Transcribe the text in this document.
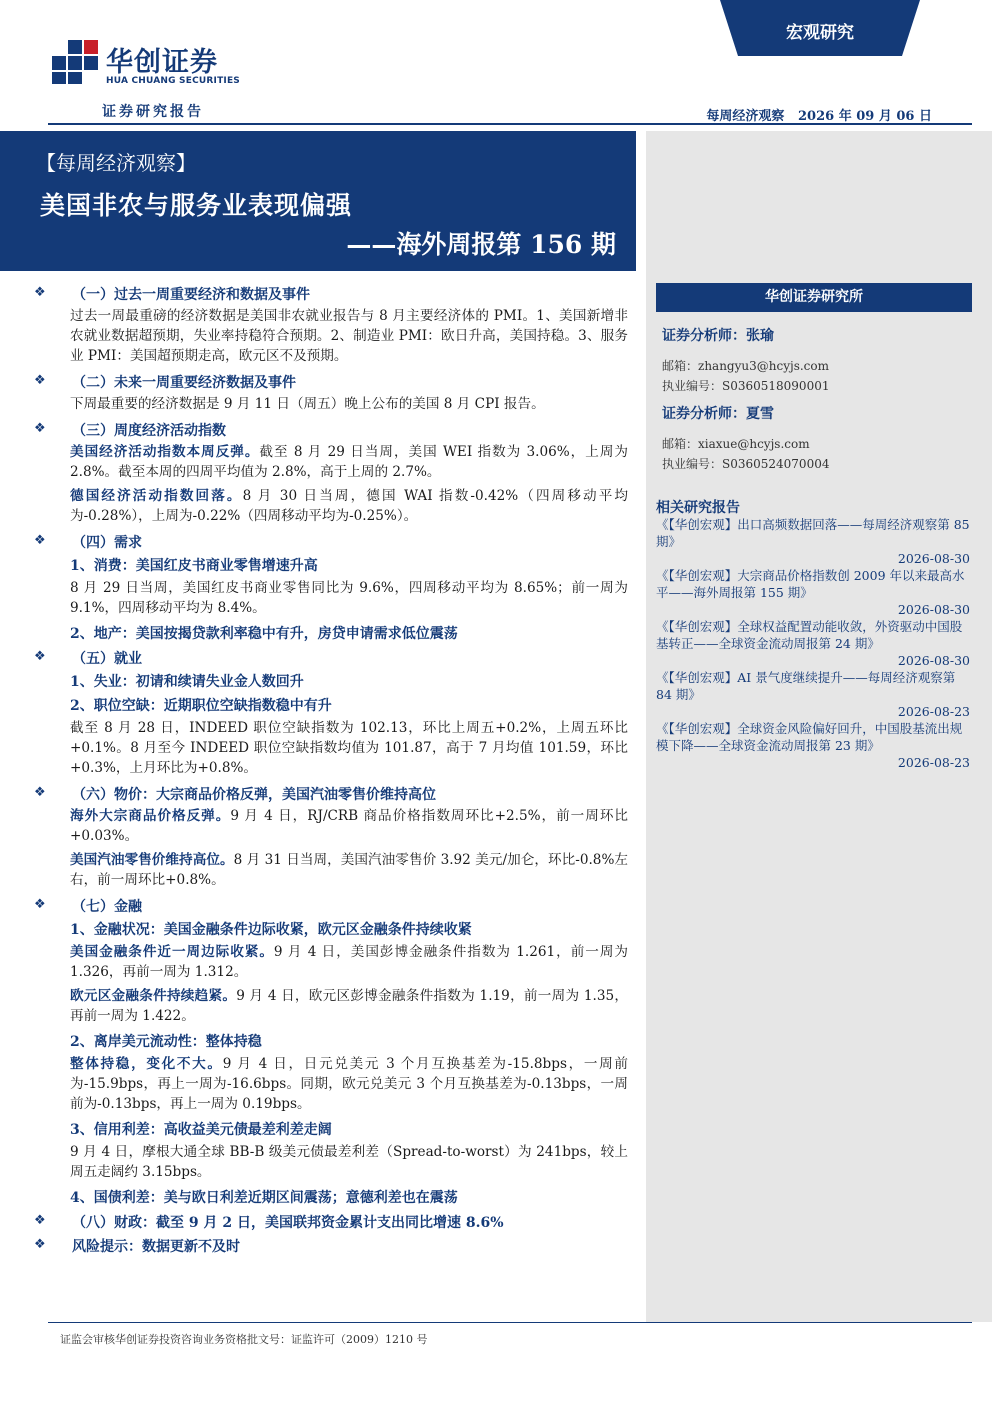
华创证券
HUA CHUANG SECURITIES
证券研究报告
宏观研究
每周经济观察   2026 年 09 月 06 日
【每周经济观察】
美国非农与服务业表现偏强
——海外周报第 156 期
华创证券研究所
证券分析师：张瑜
邮箱：zhangyu3@hcyjs.com
执业编号：S0360518090001
证券分析师：夏雪
邮箱：xiaxue@hcyjs.com
执业编号：S0360524070004
相关研究报告
《【华创宏观】出口高频数据回落——每周经济观察第 85 期》
2026-08-30
《【华创宏观】大宗商品价格指数创 2009 年以来最高水平——海外周报第 155 期》
2026-08-30
《【华创宏观】全球权益配置动能收敛，外资驱动中国股基转正——全球资金流动周报第 24 期》
2026-08-30
《【华创宏观】AI 景气度继续提升——每周经济观察第 84 期》
2026-08-23
《【华创宏观】全球资金风险偏好回升，中国股基流出规模下降——全球资金流动周报第 23 期》
2026-08-23
❖ （一）过去一周重要经济和数据及事件
过去一周最重磅的经济数据是美国非农就业报告与 8 月主要经济体的 PMI。1、美国新增非农就业数据超预期，失业率持稳符合预期。2、制造业 PMI：欧日升高，美国持稳。3、服务业 PMI：美国超预期走高，欧元区不及预期。
❖ （二）未来一周重要经济数据及事件
下周最重要的经济数据是 9 月 11 日（周五）晚上公布的美国 8 月 CPI 报告。
❖ （三）周度经济活动指数
美国经济活动指数本周反弹。截至 8 月 29 日当周，美国 WEI 指数为 3.06%，上周为 2.8%。截至本周的四周平均值为 2.8%，高于上周的 2.7%。
德国经济活动指数回落。8 月 30 日当周，德国 WAI 指数-0.42%（四周移动平均为-0.28%），上周为-0.22%（四周移动平均为-0.25%）。
❖ （四）需求
1、消费：美国红皮书商业零售增速升高
8 月 29 日当周，美国红皮书商业零售同比为 9.6%，四周移动平均为 8.65%；前一周为 9.1%，四周移动平均为 8.4%。
2、地产：美国按揭贷款利率稳中有升，房贷申请需求低位震荡
❖ （五）就业
1、失业：初请和续请失业金人数回升
2、职位空缺：近期职位空缺指数稳中有升
截至 8 月 28 日，INDEED 职位空缺指数为 102.13，环比上周五+0.2%，上周五环比+0.1%。8 月至今 INDEED 职位空缺指数均值为 101.87，高于 7 月均值 101.59，环比+0.3%，上月环比为+0.8%。
❖ （六）物价：大宗商品价格反弹，美国汽油零售价维持高位
海外大宗商品价格反弹。9 月 4 日，RJ/CRB 商品价格指数周环比+2.5%，前一周环比+0.03%。
美国汽油零售价维持高位。8 月 31 日当周，美国汽油零售价 3.92 美元/加仑，环比-0.8%左右，前一周环比+0.8%。
❖ （七）金融
1、金融状况：美国金融条件边际收紧，欧元区金融条件持续收紧
美国金融条件近一周边际收紧。9 月 4 日，美国彭博金融条件指数为 1.261，前一周为 1.326，再前一周为 1.312。
欧元区金融条件持续趋紧。9 月 4 日，欧元区彭博金融条件指数为 1.19，前一周为 1.35，再前一周为 1.422。
2、离岸美元流动性：整体持稳
整体持稳，变化不大。9 月 4 日，日元兑美元 3 个月互换基差为-15.8bps，一周前为-15.9bps，再上一周为-16.6bps。同期，欧元兑美元 3 个月互换基差为-0.13bps，一周前为-0.13bps，再上一周为 0.19bps。
3、信用利差：高收益美元债最差利差走阔
9 月 4 日，摩根大通全球 BB-B 级美元债最差利差（Spread-to-worst）为 241bps，较上周五走阔约 3.15bps。
4、国债利差：美与欧日利差近期区间震荡；意德利差也在震荡
❖ （八）财政：截至 9 月 2 日，美国联邦资金累计支出同比增速 8.6%
❖ 风险提示：数据更新不及时
证监会审核华创证券投资咨询业务资格批文号：证监许可（2009）1210 号
